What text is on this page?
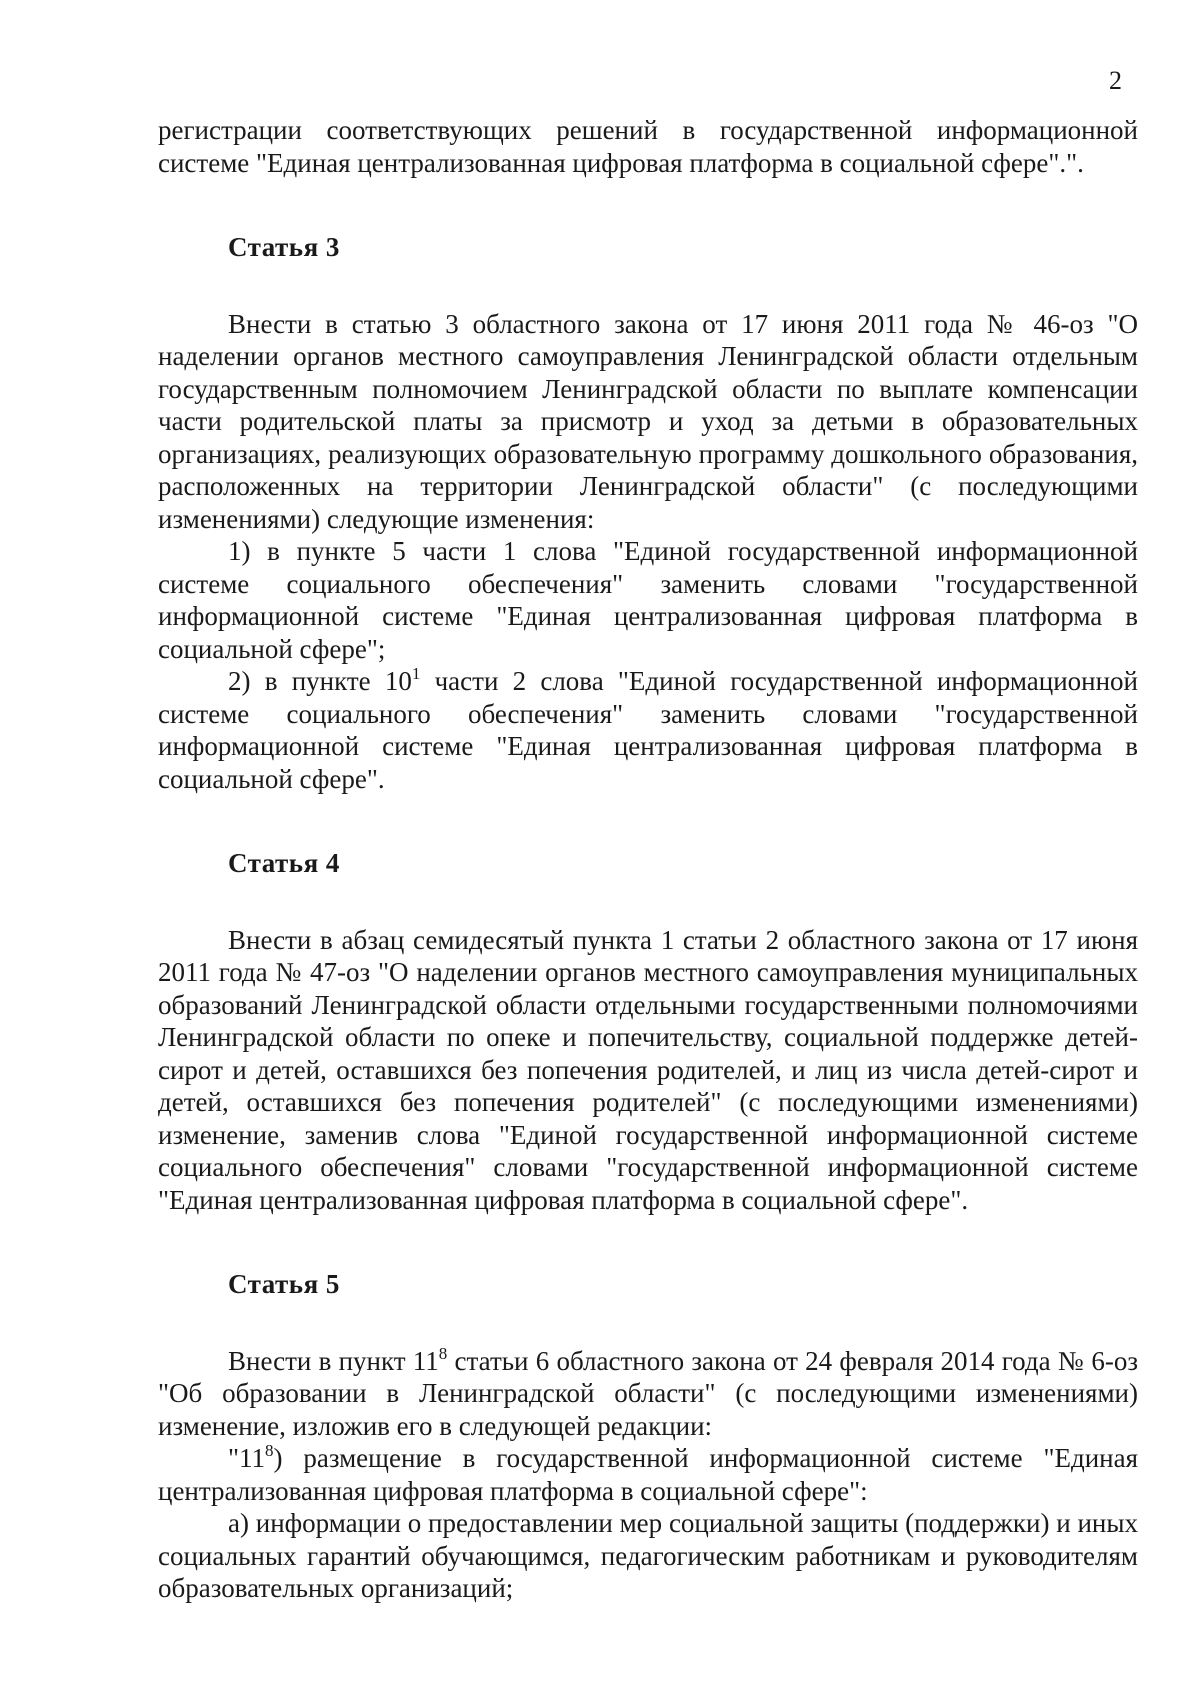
2

регистрации соответствующих решений в государственной информационной системе "Единая централизованная цифровая платформа в социальной сфере".".

Статья 3

Внести в статью 3 областного закона от 17 июня 2011 года № 46-оз "О наделении органов местного самоуправления Ленинградской области отдельным государственным полномочием Ленинградской области по выплате компенсации части родительской платы за присмотр и уход за детьми в образовательных организациях, реализующих образовательную программу дошкольного образования, расположенных на территории Ленинградской области" (с последующими изменениями) следующие изменения:

1) в пункте 5 части 1 слова "Единой государственной информационной системе социального обеспечения" заменить словами "государственной информационной системе "Единая централизованная цифровая платформа в социальной сфере";

2) в пункте $10^1$ части 2 слова "Единой государственной информационной системе социального обеспечения" заменить словами "государственной информационной системе "Единая централизованная цифровая платформа в социальной сфере".

Статья 4

Внести в абзац семидесятый пункта 1 статьи 2 областного закона от 17 июня 2011 года № 47-оз "О наделении органов местного самоуправления муниципальных образований Ленинградской области отдельными государственными полномочиями Ленинградской области по опеке и попечительству, социальной поддержке детей-сирот и детей, оставшихся без попечения родителей, и лиц из числа детей-сирот и детей, оставшихся без попечения родителей" (с последующими изменениями) изменение, заменив слова "Единой государственной информационной системе социального обеспечения" словами "государственной информационной системе "Единая централизованная цифровая платформа в социальной сфере".

Статья 5

Внести в пункт $11^8$ статьи 6 областного закона от 24 февраля 2014 года № 6-оз "Об образовании в Ленинградской области" (с последующими изменениями) изменение, изложив его в следующей редакции:

"$11^8$) размещение в государственной информационной системе "Единая централизованная цифровая платформа в социальной сфере":

а) информации о предоставлении мер социальной защиты (поддержки) и иных социальных гарантий обучающимся, педагогическим работникам и руководителям образовательных организаций;
